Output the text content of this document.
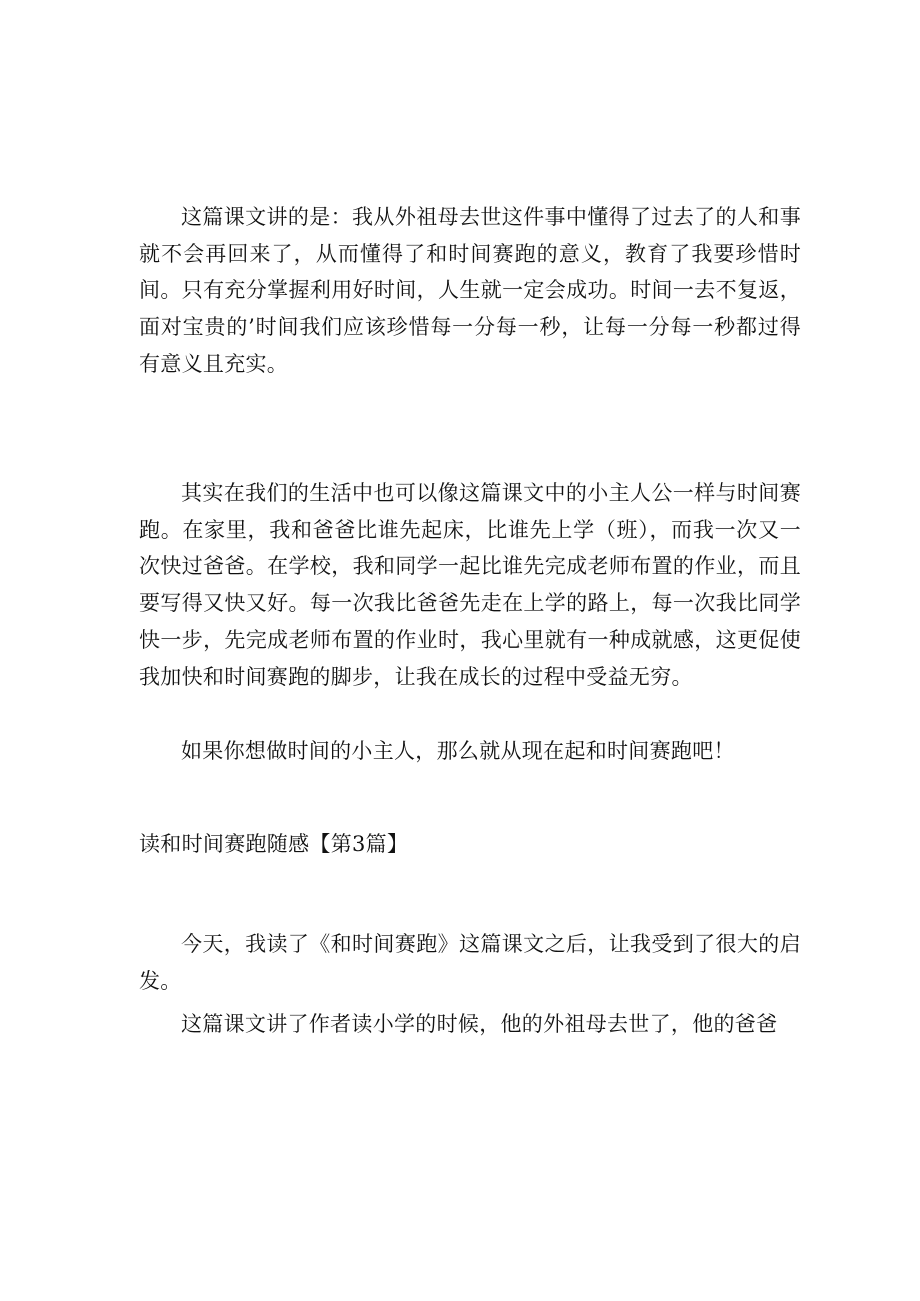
这篇课文讲的是：我从外祖母去世这件事中懂得了过去了的人和事就不会再回来了，从而懂得了和时间赛跑的意义，教育了我要珍惜时间。只有充分掌握利用好时间，人生就一定会成功。时间一去不复返，面对宝贵的’时间我们应该珍惜每一分每一秒，让每一分每一秒都过得有意义且充实。

其实在我们的生活中也可以像这篇课文中的小主人公一样与时间赛跑。在家里，我和爸爸比谁先起床，比谁先上学（班），而我一次又一次快过爸爸。在学校，我和同学一起比谁先完成老师布置的作业，而且要写得又快又好。每一次我比爸爸先走在上学的路上，每一次我比同学快一步，先完成老师布置的作业时，我心里就有一种成就感，这更促使我加快和时间赛跑的脚步，让我在成长的过程中受益无穷。

如果你想做时间的小主人，那么就从现在起和时间赛跑吧！

读和时间赛跑随感【第3篇】

今天，我读了《和时间赛跑》这篇课文之后，让我受到了很大的启发。

这篇课文讲了作者读小学的时候，他的外祖母去世了，他的爸爸
